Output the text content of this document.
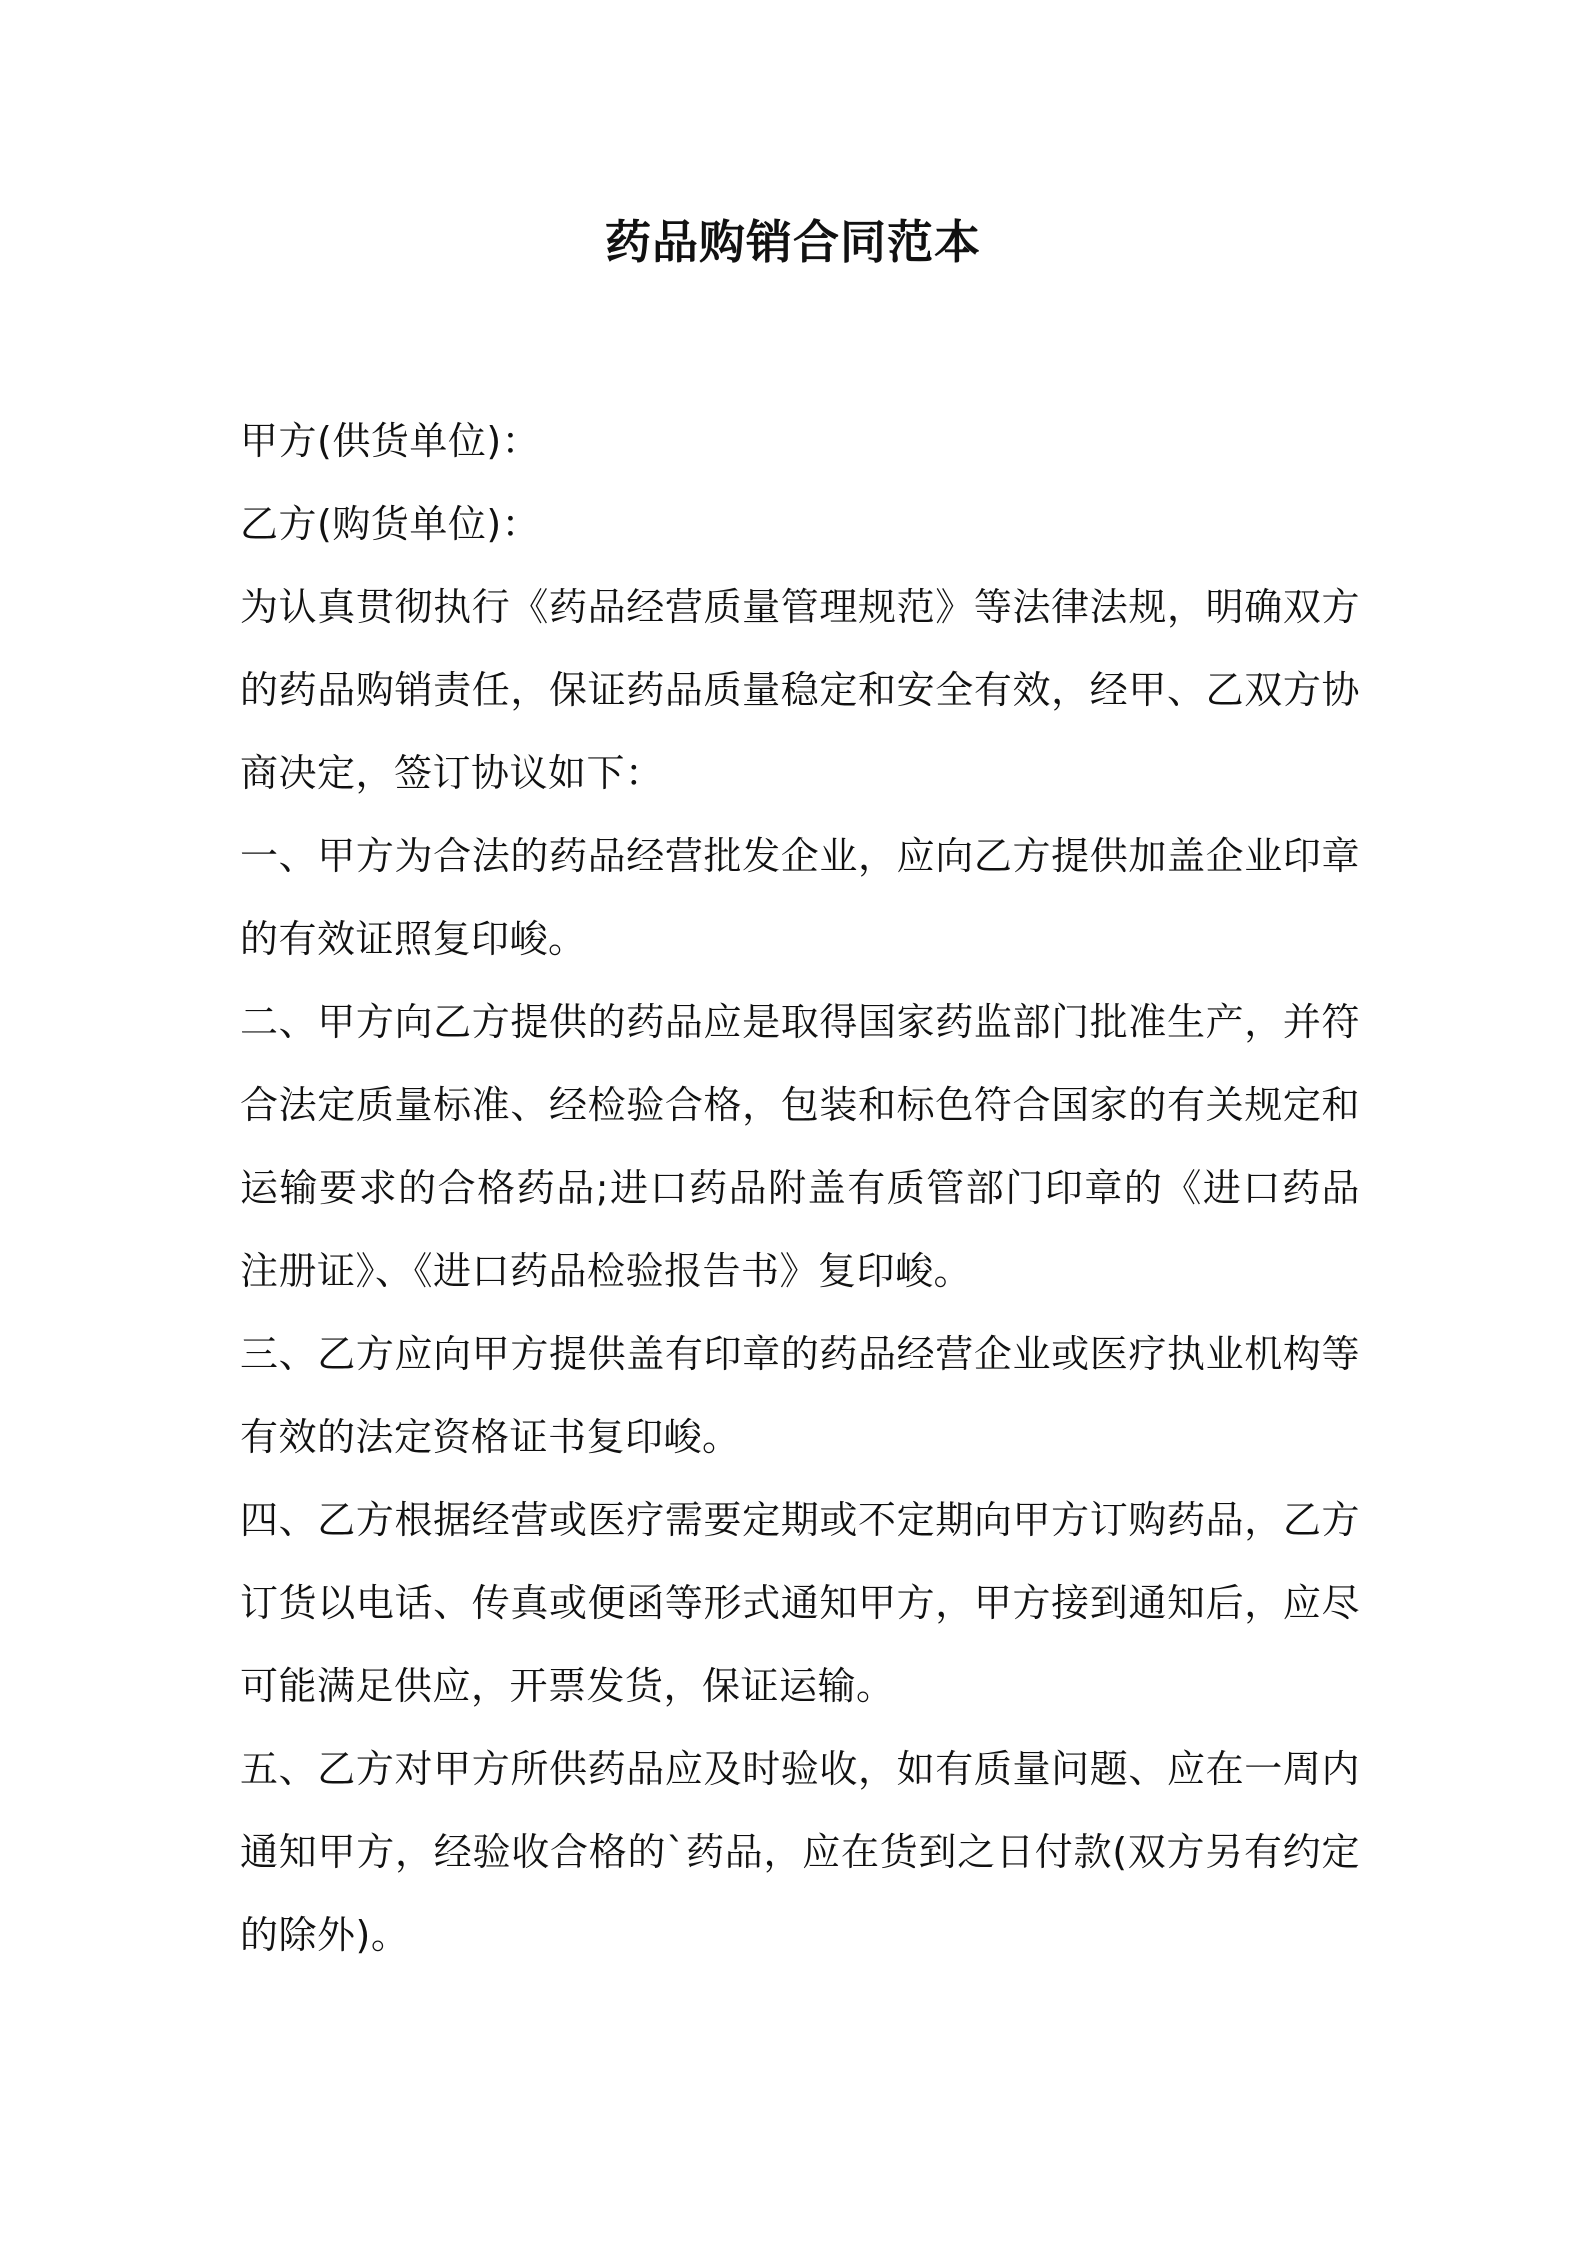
药品购销合同范本

甲方(供货单位)：

乙方(购货单位)：

为认真贯彻执行《药品经营质量管理规范》等法律法规，明确双方的药品购销责任，保证药品质量稳定和安全有效，经甲、乙双方协商决定，签订协议如下：

一、甲方为合法的药品经营批发企业，应向乙方提供加盖企业印章的有效证照复印峻。

二、甲方向乙方提供的药品应是取得国家药监部门批准生产，并符合法定质量标准、经检验合格，包装和标色符合国家的有关规定和运输要求的合格药品;进口药品附盖有质管部门印章的《进口药品注册证》、《进口药品检验报告书》复印峻。

三、乙方应向甲方提供盖有印章的药品经营企业或医疗执业机构等有效的法定资格证书复印峻。

四、乙方根据经营或医疗需要定期或不定期向甲方订购药品，乙方订货以电话、传真或便函等形式通知甲方，甲方接到通知后，应尽可能满足供应，开票发货，保证运输。

五、乙方对甲方所供药品应及时验收，如有质量问题、应在一周内通知甲方，经验收合格的`药品，应在货到之日付款(双方另有约定的除外)。
